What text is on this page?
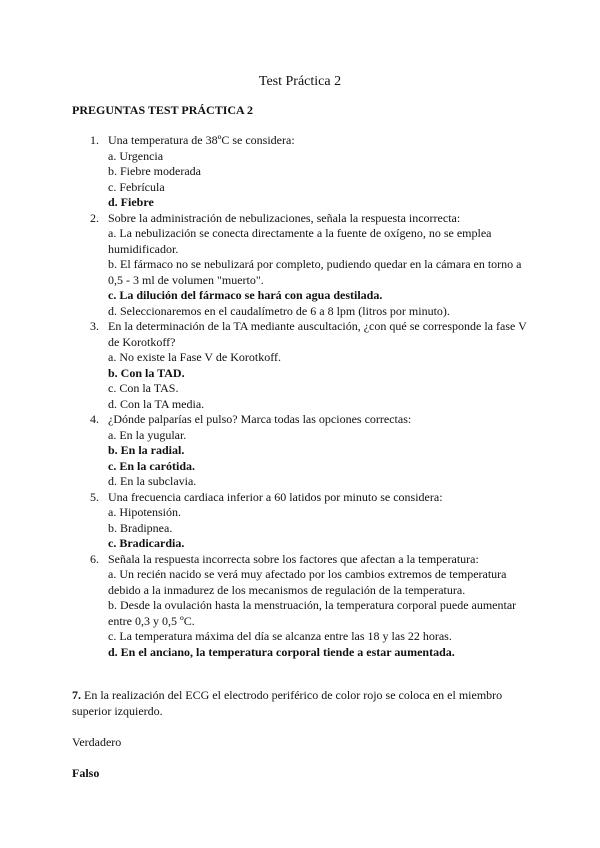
Test Práctica 2
PREGUNTAS TEST PRÁCTICA 2
1. Una temperatura de 38ºC se considera:
a. Urgencia
b. Fiebre moderada
c. Febrícula
d. Fiebre
2. Sobre la administración de nebulizaciones, señala la respuesta incorrecta:
a. La nebulización se conecta directamente a la fuente de oxígeno, no se emplea humidificador.
b. El fármaco no se nebulizará por completo, pudiendo quedar en la cámara en torno a 0,5 - 3 ml de volumen "muerto".
c. La dilución del fármaco se hará con agua destilada.
d. Seleccionaremos en el caudalímetro de 6 a 8 lpm (litros por minuto).
3. En la determinación de la TA mediante auscultación, ¿con qué se corresponde la fase V de Korotkoff?
a. No existe la Fase V de Korotkoff.
b. Con la TAD.
c. Con la TAS.
d. Con la TA media.
4. ¿Dónde palparías el pulso? Marca todas las opciones correctas:
a. En la yugular.
b. En la radial.
c. En la carótida.
d. En la subclavia.
5. Una frecuencia cardiaca inferior a 60 latidos por minuto se considera:
a. Hipotensión.
b. Bradipnea.
c. Bradicardia.
6. Señala la respuesta incorrecta sobre los factores que afectan a la temperatura:
a. Un recién nacido se verá muy afectado por los cambios extremos de temperatura debido a la inmadurez de los mecanismos de regulación de la temperatura.
b. Desde la ovulación hasta la menstruación, la temperatura corporal puede aumentar entre 0,3 y 0,5 ºC.
c. La temperatura máxima del día se alcanza entre las 18 y las 22 horas.
d. En el anciano, la temperatura corporal tiende a estar aumentada.
7. En la realización del ECG el electrodo periférico de color rojo se coloca en el miembro superior izquierdo.
Verdadero
Falso
